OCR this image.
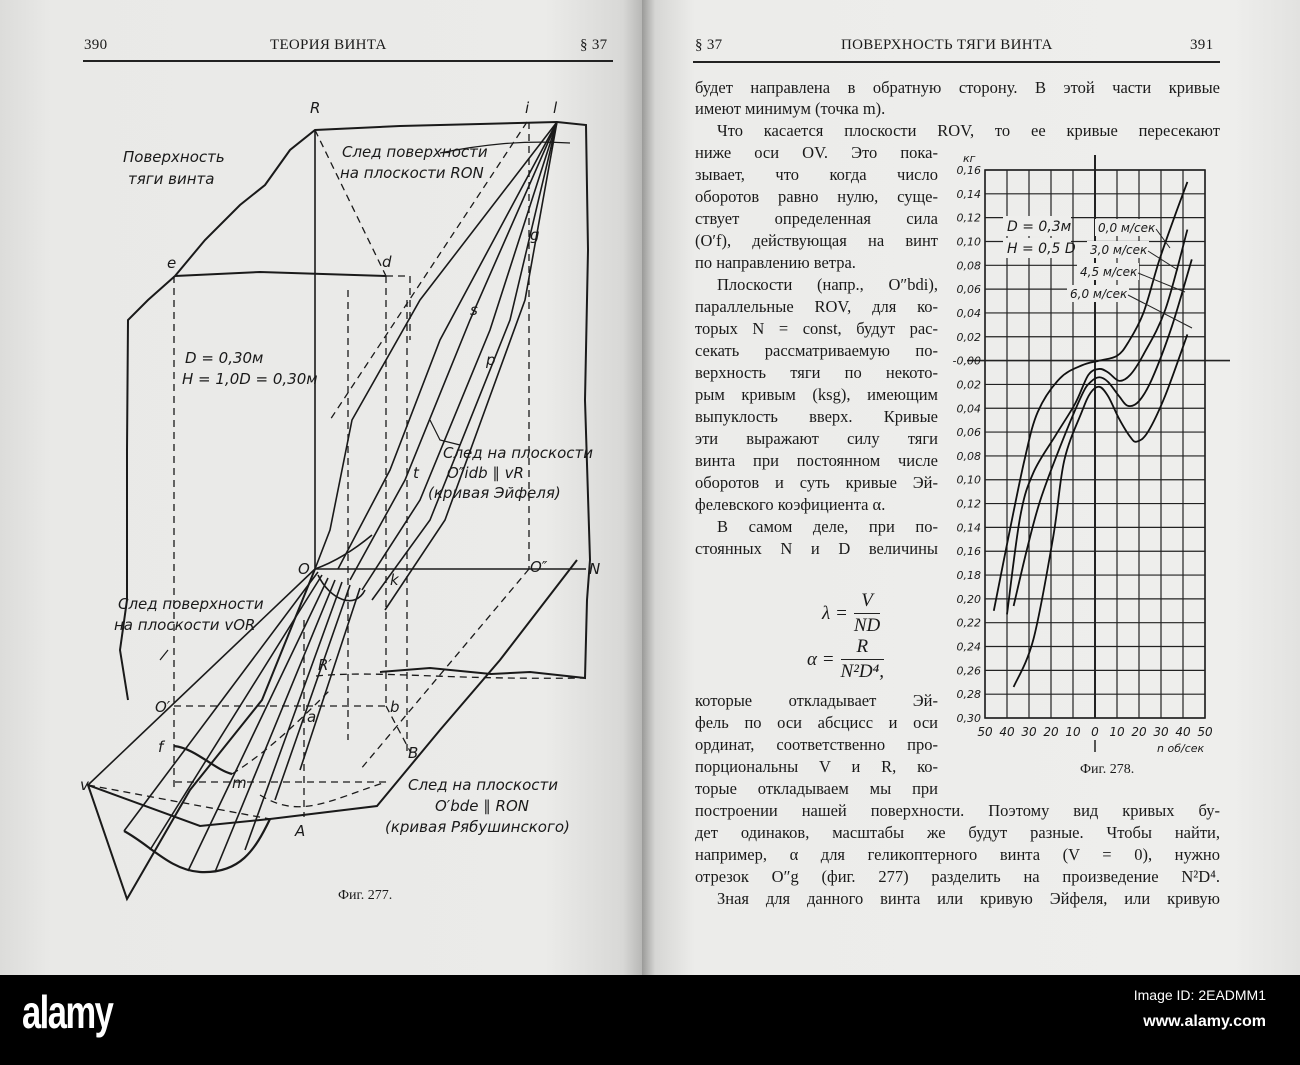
390	ТЕОРИЯ ВИНТА	§ 37
R	i l
e	d
g
s
p
t
O	O″	N
k
R′
O′
a
b
f
m
v
A
B
Поверхность
тяги винта
След поверхности
на плоскости RON
D = 0,30м
H = 1,0D = 0,30м
След на плоскости
O″idb ∥ vR
(кривая Эйфеля)
След поверхности
на плоскости vOR
След на плоскости
O′bde ∥ RON
(кривая Рябушинского)
Фиг. 277.
§ 37	ПОВЕРХНОСТЬ ТЯГИ ВИНТА	391
будет направлена в обратную сторону. В этой части кривые
имеют минимум (точка m).
Что касается плоскости ROV, то ее кривые пересекают
ниже оси OV. Это пока-
зывает, что когда число
оборотов равно нулю, суще-
ствует определенная сила
(O′f), действующая на винт
по направлению ветра.
Плоскости (напр., O″bdi),
параллельные ROV, для ко-
торых N = const, будут рас-
секать рассматриваемую по-
верхность тяги по некото-
рым кривым (ksg), имеющим
выпуклость вверх. Кривые
эти выражают силу тяги
винта при постоянном числе
оборотов и суть кривые Эй-
фелевского коэфициента α.
В самом деле, при по-
стоянных N и D величины
которые откладывает Эй-
фель по оси абсцисс и оси
ординат, соответственно про-
порциональны V и R, ко-
торые откладываем мы при
построении нашей поверхности. Поэтому вид кривых бу-
дет одинаков, масштабы же будут разные. Чтобы найти,
например, α для геликоптерного винта (V = 0), нужно
отрезок O″g (фиг. 277) разделить на произведение N²D⁴.
Зная для данного винта или кривую Эйфеля, или кривую
λ =
V
ND
α =
R
N²D⁴,
50 40 30 20 10 0 10 20 30 40 50
0,16
0,14
0,12
0,10
0,08
0,06
0,04
0,02
-0,00
0,02
0,04
0,06
0,08
0,10
0,12
0,14
0,16
0,18
0,20
0,22
0,24
0,26
0,28
0,30
кг
n об/сек
D = 0,3м
H = 0,5 D
0,0 м/сек
3,0 м/сек
4,5 м/сек
6,0 м/сек
Фиг. 278.
alamy	Image ID: 2EADMM1
www.alamy.com
